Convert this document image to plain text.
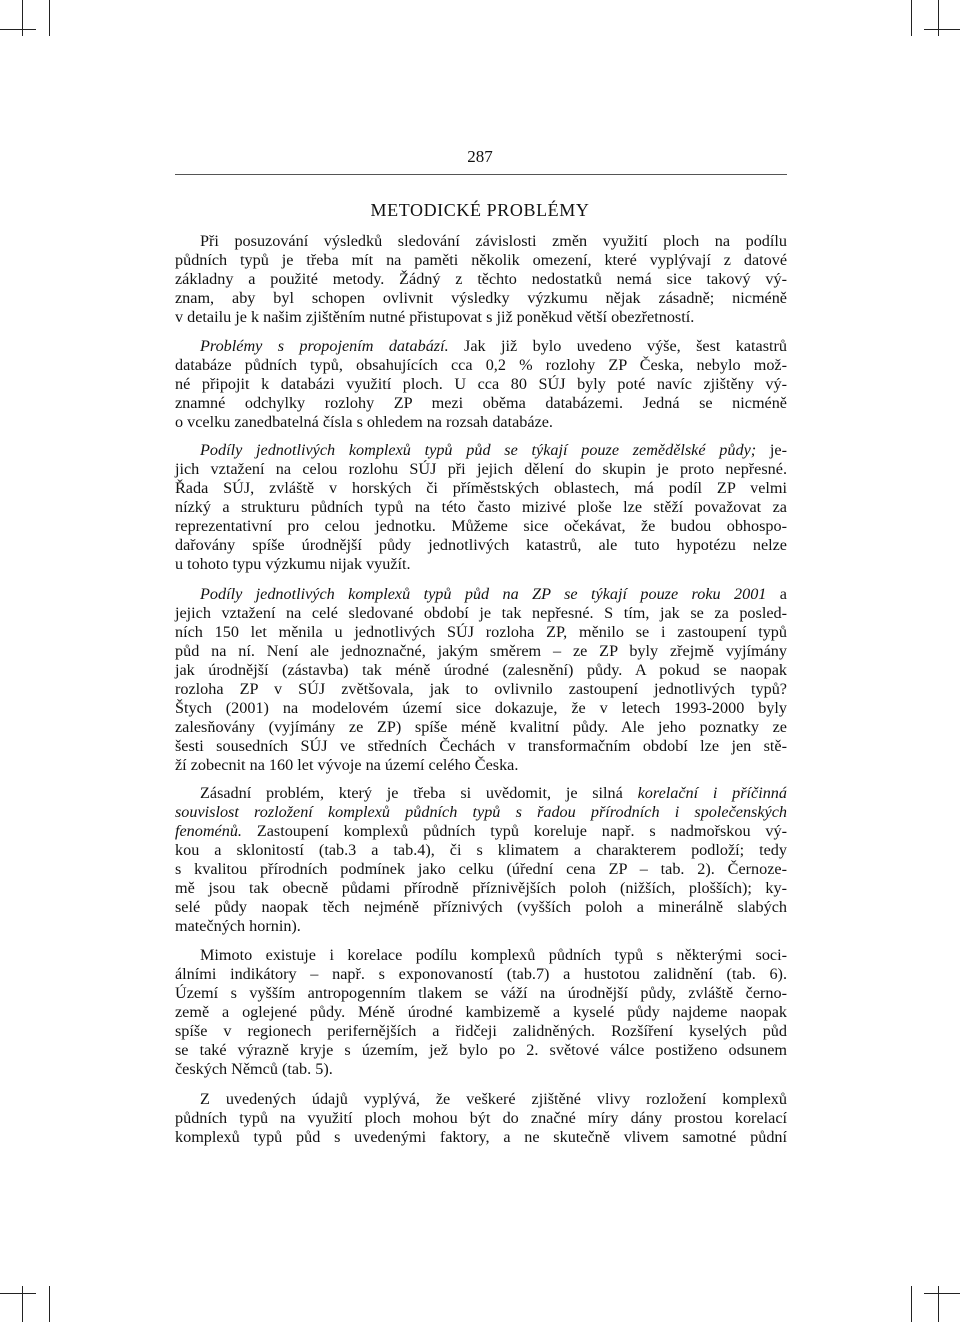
287
METODICKÉ PROBLÉMY
Při posuzování výsledků sledování závislosti změn využití ploch na podílu
půdních typů je třeba mít na paměti několik omezení, které vyplývají z datové
základny a použité metody. Žádný z těchto nedostatků nemá sice takový vý-
znam, aby byl schopen ovlivnit výsledky výzkumu nějak zásadně; nicméně
v detailu je k našim zjištěním nutné přistupovat s již poněkud větší obezřetností.
Problémy s propojením databází. Jak již bylo uvedeno výše, šest katastrů
databáze půdních typů, obsahujících cca 0,2 % rozlohy ZP Česka, nebylo mož-
né připojit k databázi využití ploch. U cca 80 SÚJ byly poté navíc zjištěny vý-
znamné odchylky rozlohy ZP mezi oběma databázemi. Jedná se nicméně
o vcelku zanedbatelná čísla s ohledem na rozsah databáze.
Podíly jednotlivých komplexů typů půd se týkají pouze zemědělské půdy; je-
jich vztažení na celou rozlohu SÚJ při jejich dělení do skupin je proto nepřesné.
Řada SÚJ, zvláště v horských či příměstských oblastech, má podíl ZP velmi
nízký a strukturu půdních typů na této často mizivé ploše lze stěží považovat za
reprezentativní pro celou jednotku. Můžeme sice očekávat, že budou obhospo-
dařovány spíše úrodnější půdy jednotlivých katastrů, ale tuto hypotézu nelze
u tohoto typu výzkumu nijak využít.
Podíly jednotlivých komplexů typů půd na ZP se týkají pouze roku 2001 a
jejich vztažení na celé sledované období je tak nepřesné. S tím, jak se za posled-
ních 150 let měnila u jednotlivých SÚJ rozloha ZP, měnilo se i zastoupení typů
půd na ní. Není ale jednoznačné, jakým směrem – ze ZP byly zřejmě vyjímány
jak úrodnější (zástavba) tak méně úrodné (zalesnění) půdy. A pokud se naopak
rozloha ZP v SÚJ zvětšovala, jak to ovlivnilo zastoupení jednotlivých typů?
Štych (2001) na modelovém území sice dokazuje, že v letech 1993-2000 byly
zalesňovány (vyjímány ze ZP) spíše méně kvalitní půdy. Ale jeho poznatky ze
šesti sousedních SÚJ ve středních Čechách v transformačním období lze jen stě-
ží zobecnit na 160 let vývoje na území celého Česka.
Zásadní problém, který je třeba si uvědomit, je silná korelační i příčinná
souvislost rozložení komplexů půdních typů s řadou přírodních i společenských
fenoménů. Zastoupení komplexů půdních typů koreluje např. s nadmořskou vý-
kou a sklonitostí (tab.3 a tab.4), či s klimatem a charakterem podloží; tedy
s kvalitou přírodních podmínek jako celku (úřední cena ZP – tab. 2). Černoze-
mě jsou tak obecně půdami přírodně příznivějších poloh (nižších, plošších); ky-
selé půdy naopak těch nejméně příznivých (vyšších poloh a minerálně slabých
matečných hornin).
Mimoto existuje i korelace podílu komplexů půdních typů s některými soci-
álními indikátory – např. s exponovaností (tab.7) a hustotou zalidnění (tab. 6).
Území s vyšším antropogenním tlakem se váží na úrodnější půdy, zvláště černo-
země a oglejené půdy. Méně úrodné kambizemě a kyselé půdy najdeme naopak
spíše v regionech perifernějších a řidčeji zalidněných. Rozšíření kyselých půd
se také výrazně kryje s územím, jež bylo po 2. světové válce postiženo odsunem
českých Němců (tab. 5).
Z uvedených údajů vyplývá, že veškeré zjištěné vlivy rozložení komplexů
půdních typů na využití ploch mohou být do značné míry dány prostou korelací
komplexů typů půd s uvedenými faktory, a ne skutečně vlivem samotné půdní
